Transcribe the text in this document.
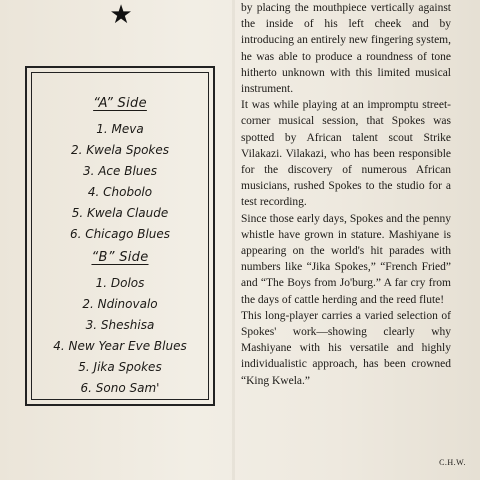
★
“A” Side
1. Meva
2. Kwela Spokes
3. Ace Blues
4. Chobolo
5. Kwela Claude
6. Chicago Blues
“B” Side
1. Dolos
2. Ndinovalo
3. Sheshisa
4. New Year Eve Blues
5. Jika Spokes
6. Sono Sam'

by placing the mouthpiece vertically against the inside of his left cheek and by introducing an entirely new fingering system, he was able to produce a roundness of tone hitherto unknown with this limited musical instrument.

It was while playing at an impromptu street-corner musical session, that Spokes was spotted by African talent scout Strike Vilakazi. Vilakazi, who has been responsible for the discovery of numerous African musicians, rushed Spokes to the studio for a test recording.

Since those early days, Spokes and the penny whistle have grown in stature. Mashiyane is appearing on the world's hit parades with numbers like “Jika Spokes,” “French Fried” and “The Boys from Jo'burg.” A far cry from the days of cattle herding and the reed flute!

This long-player carries a varied selection of Spokes' work—showing clearly why Mashiyane with his versatile and highly individualistic approach, has been crowned “King Kwela.”

C.H.W.
